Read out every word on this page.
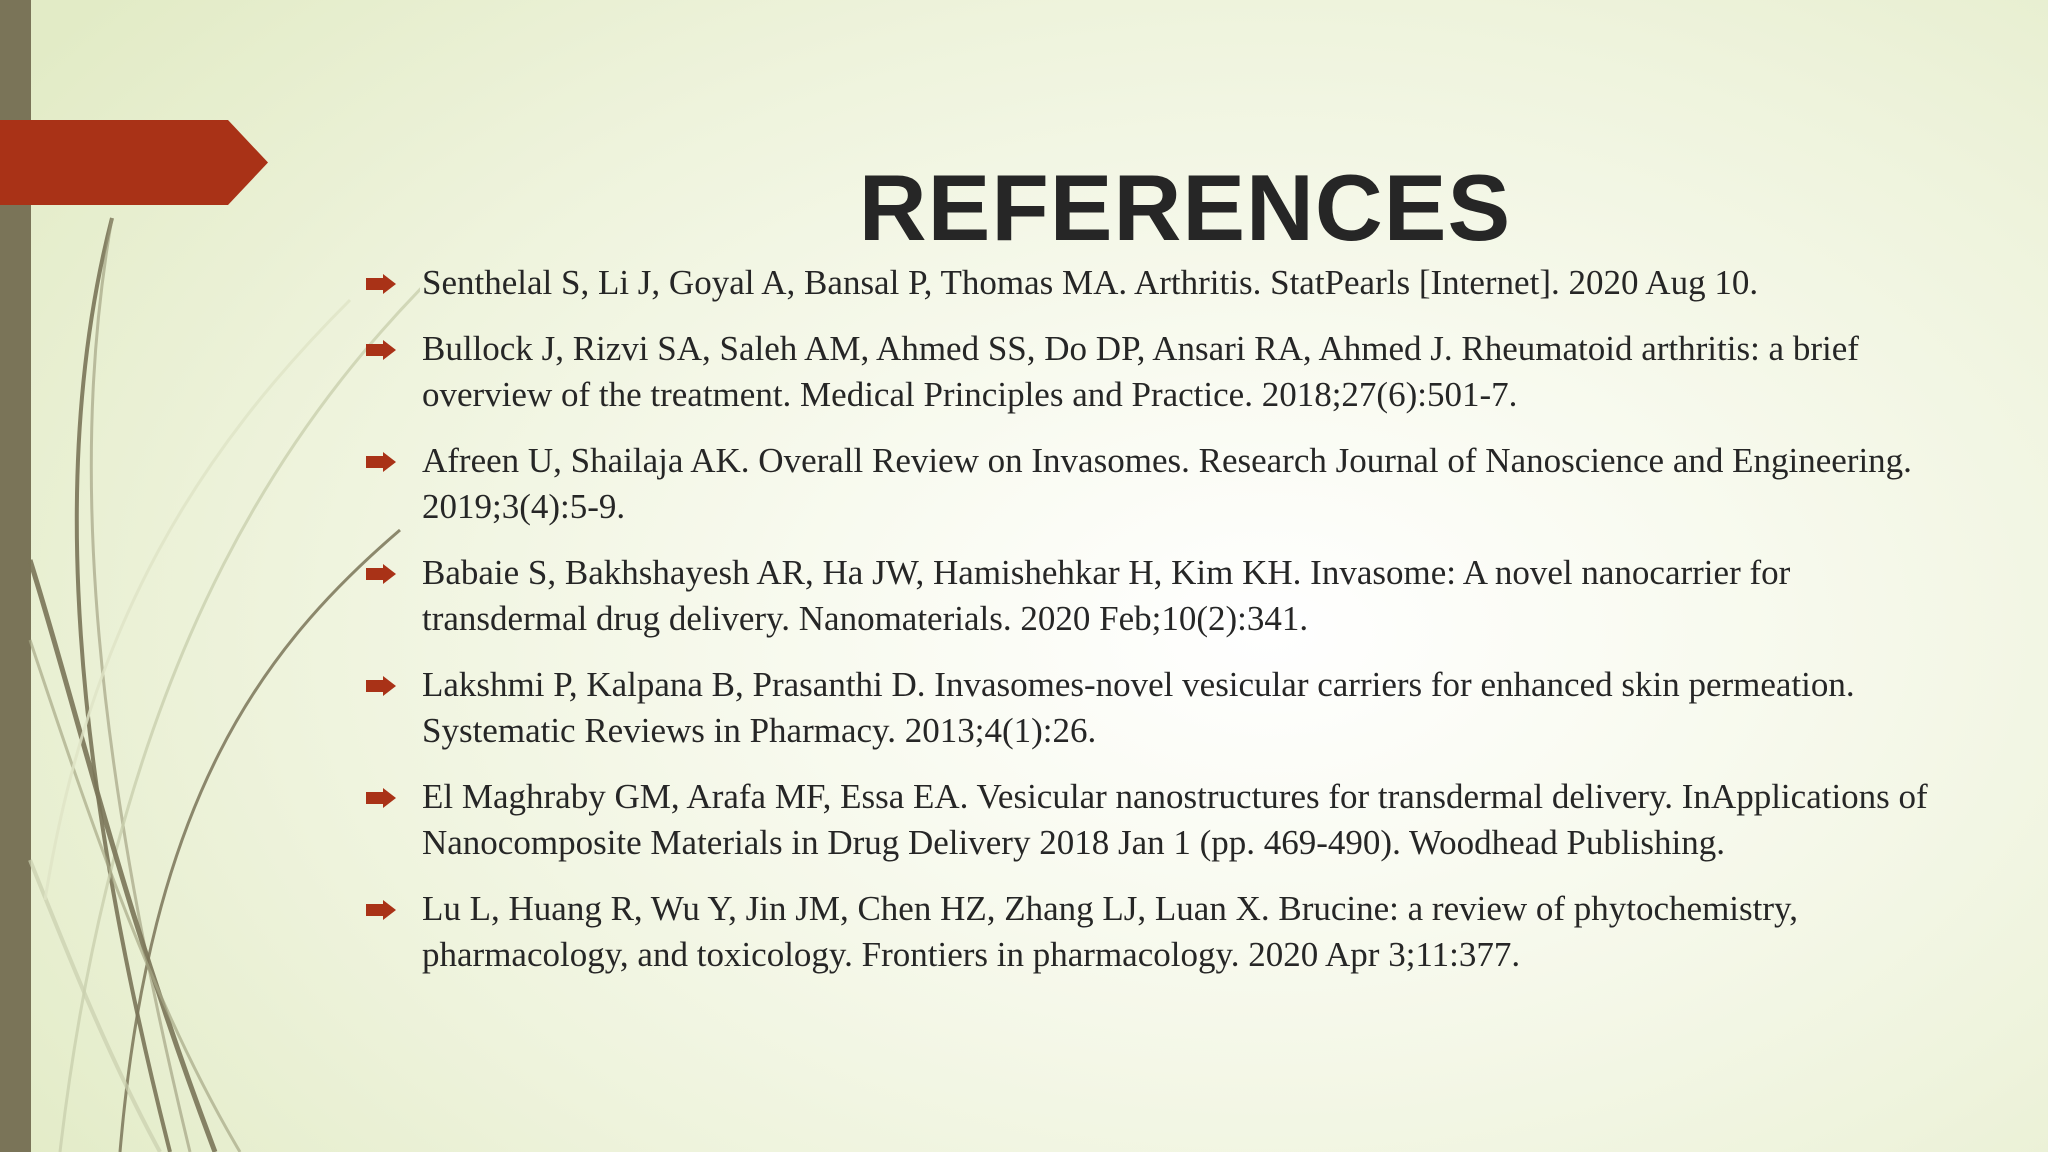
REFERENCES
Senthelal S, Li J, Goyal A, Bansal P, Thomas MA. Arthritis. StatPearls [Internet]. 2020 Aug 10.
Bullock J, Rizvi SA, Saleh AM, Ahmed SS, Do DP, Ansari RA, Ahmed J. Rheumatoid arthritis: a brief overview of the treatment. Medical Principles and Practice. 2018;27(6):501-7.
Afreen U, Shailaja AK. Overall Review on Invasomes. Research Journal of Nanoscience and Engineering. 2019;3(4):5-9.
Babaie S, Bakhshayesh AR, Ha JW, Hamishehkar H, Kim KH. Invasome: A novel nanocarrier for transdermal drug delivery. Nanomaterials. 2020 Feb;10(2):341.
Lakshmi P, Kalpana B, Prasanthi D. Invasomes-novel vesicular carriers for enhanced skin permeation. Systematic Reviews in Pharmacy. 2013;4(1):26.
El Maghraby GM, Arafa MF, Essa EA. Vesicular nanostructures for transdermal delivery. InApplications of Nanocomposite Materials in Drug Delivery 2018 Jan 1 (pp. 469-490). Woodhead Publishing.
Lu L, Huang R, Wu Y, Jin JM, Chen HZ, Zhang LJ, Luan X. Brucine: a review of phytochemistry, pharmacology, and toxicology. Frontiers in pharmacology. 2020 Apr 3;11:377.
